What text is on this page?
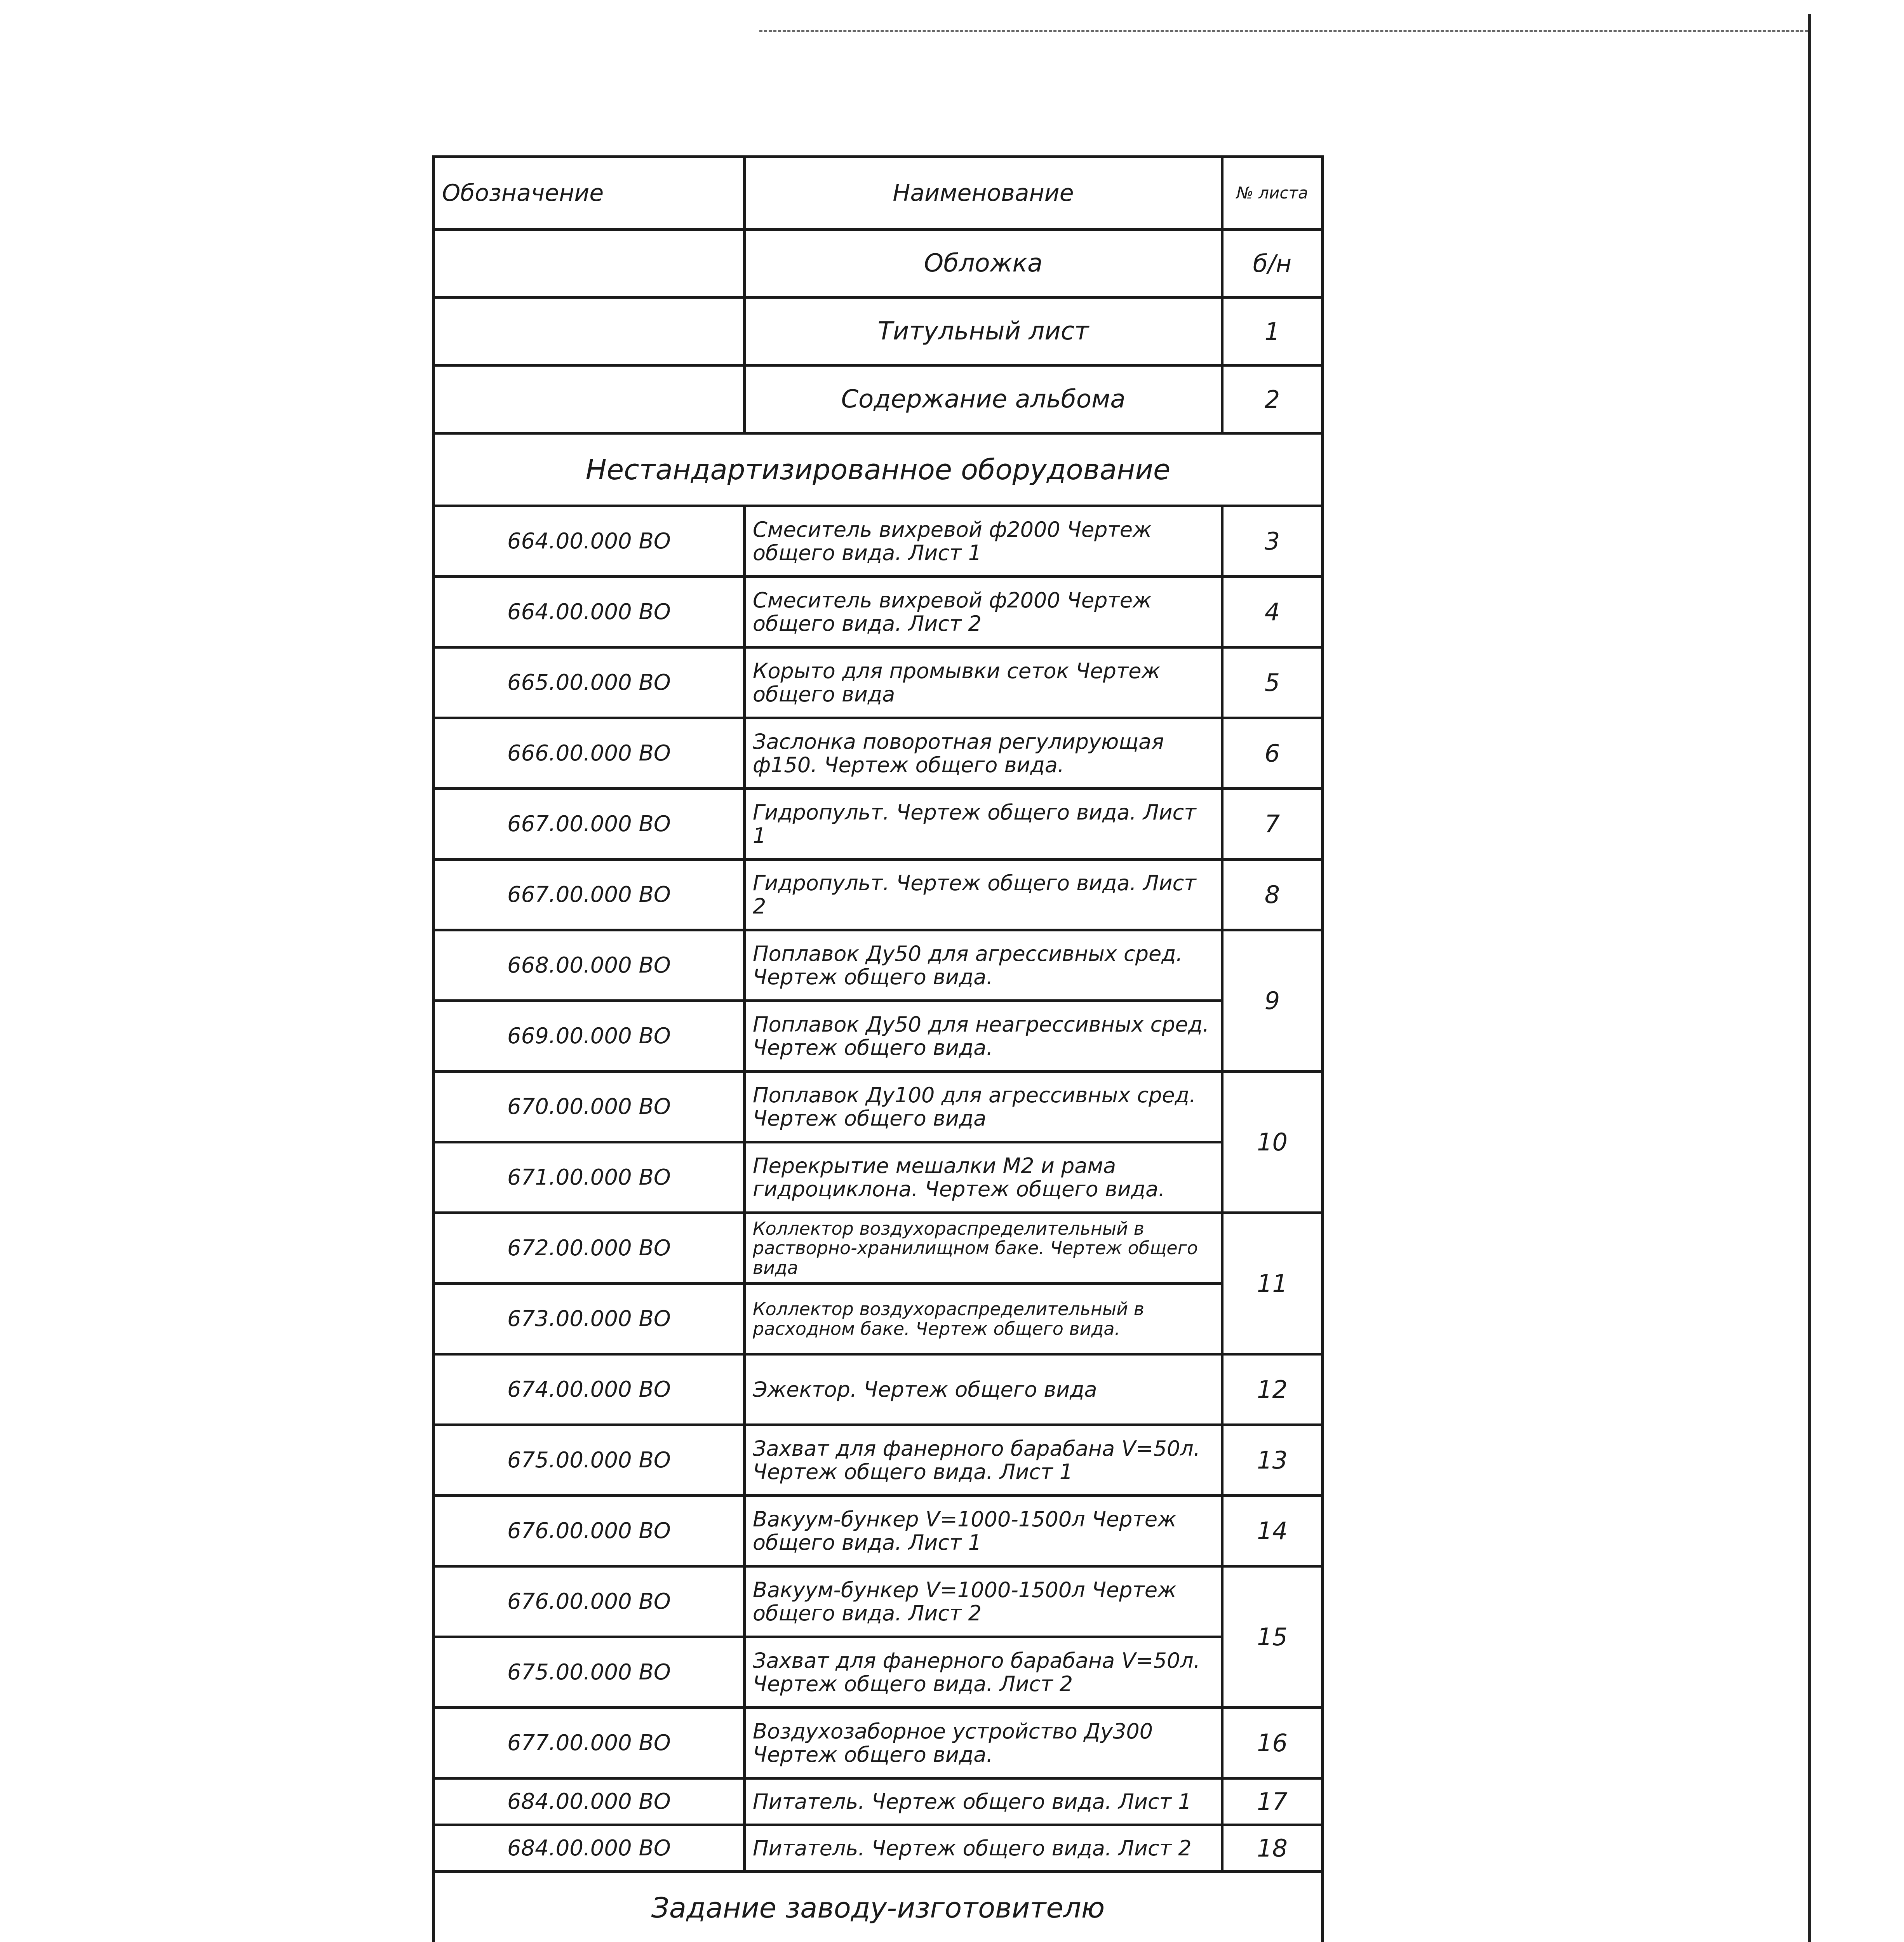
Обозначение	Наименование	№ листа
	Обложка	б/н
	Титульный лист	1
	Содержание альбома	2
Нестандартизированное оборудование		
664.00.000 ВО	Смеситель вихревой ф2000 Чертеж общего вида. Лист 1	3
664.00.000 ВО	Смеситель вихревой ф2000 Чертеж общего вида. Лист 2	4
665.00.000 ВО	Корыто для промывки сеток Чертеж общего вида	5
666.00.000 ВО	Заслонка поворотная регулирующая ф150. Чертеж общего вида.	6
667.00.000 ВО	Гидропульт. Чертеж общего вида. Лист 1	7
667.00.000 ВО	Гидропульт. Чертеж общего вида. Лист 2	8
668.00.000 ВО	Поплавок Ду50 для агрессивных сред. Чертеж общего вида.	9
669.00.000 ВО	Поплавок Ду50 для неагрессивных сред. Чертеж общего вида.	
670.00.000 ВО	Поплавок Ду100 для агрессивных сред. Чертеж общего вида	10
671.00.000 ВО	Перекрытие мешалки М2 и рама гидроциклона. Чертеж общего вида.	
672.00.000 ВО	Коллектор воздухораспределительный в растворно-хранилищном баке. Чертеж общего вида	11
673.00.000 ВО	Коллектор воздухораспределительный в расходном баке. Чертеж общего вида.	
674.00.000 ВО	Эжектор. Чертеж общего вида	12
675.00.000 ВО	Захват для фанерного барабана V=50л. Чертеж общего вида. Лист 1	13
676.00.000 ВО	Вакуум-бункер V=1000-1500л Чертеж общего вида. Лист 1	14
676.00.000 ВО	Вакуум-бункер V=1000-1500л Чертеж общего вида. Лист 2	15
675.00.000 ВО	Захват для фанерного барабана V=50л. Чертеж общего вида. Лист 2	
677.00.000 ВО	Воздухозаборное устройство Ду300 Чертеж общего вида.	16
684.00.000 ВО	Питатель. Чертеж общего вида. Лист 1	17
684.00.000 ВО	Питатель. Чертеж общего вида. Лист 2	18
Задание заводу-изготовителю		
